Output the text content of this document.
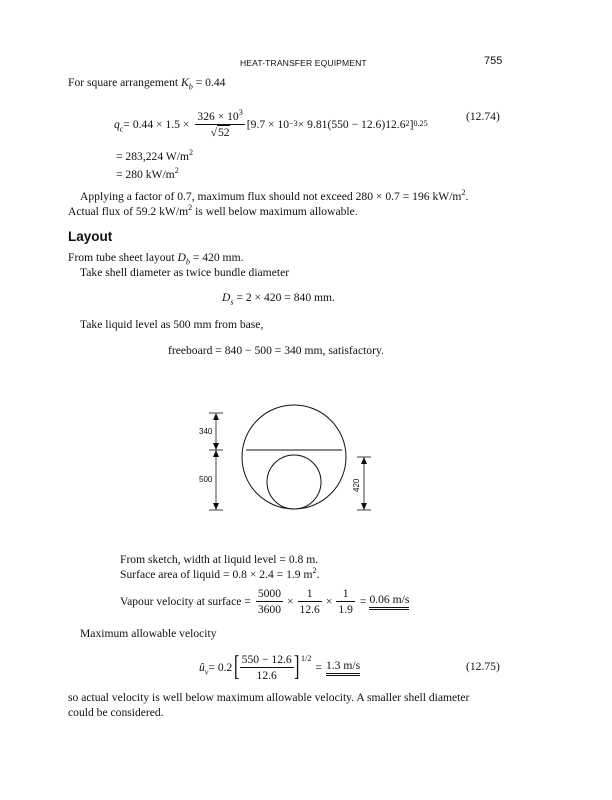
HEAT-TRANSFER EQUIPMENT	755
For square arrangement $K_b = 0.44$
$q_c = 0.44 \times 1.5 \times \frac{326 \times 10^3}{√52} [9.7 \times 10 -3 \times 9.81(550 - 12.6)12.6$ 2 ] 0.25
(12.74)
= 283,224 $W/m^2$
= 280 $kW/m^2$
Applying a factor of 0.7, maximum flux should not exceed 280 × 0.7 = 196 $kW/m^2$.
Actual flux of 59.2 $kW/m^2$ is well below maximum allowable.
Layout
From tube sheet layout $D_b = 420$ mm.
Take shell diameter as twice bundle diameter
$D_s = 2 \times 420 = 840$ mm.
Take liquid level as 500 mm from base,
freeboard = 840 − 500 = 340 mm, satisfactory.
340
500	420
From sketch, width at liquid level = 0.8 m.
Surface area of liquid = 0.8 × 2.4 = 1.9 $m^2$.
Vapour velocity at surface = $\frac{5000}{3600} \times \frac{1}{12.6} \times \frac{1}{1.9} = 0.06$ m/s
Maximum allowable velocity
$û_v = 0.2$ [ $\frac{550 - 12.6}{12.6} ]^{1/2}$
= 1.3 m/s	(12.75)
so actual velocity is well below maximum allowable velocity. A smaller shell diameter
could be considered.
